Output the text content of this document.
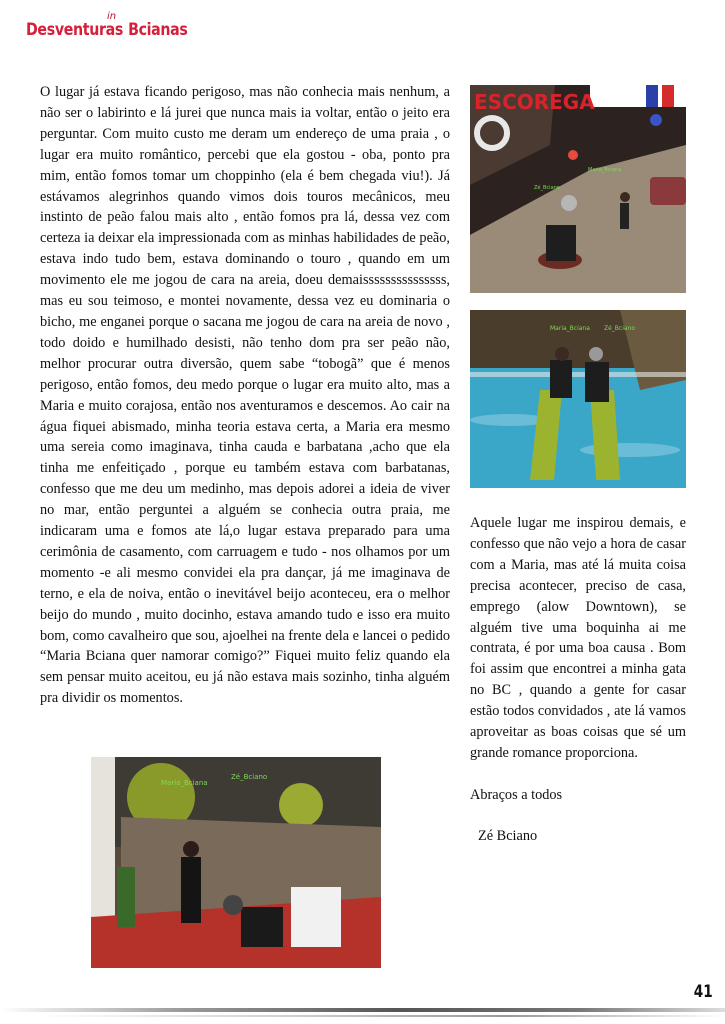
Desventuras Bcianas
in
O lugar já estava ficando perigoso, mas não conhecia mais nenhum, a não ser o labirinto e lá jurei que nunca mais ia voltar, então o jeito era perguntar. Com muito custo me deram um endereço de uma praia , o lugar era muito romântico, percebi que ela gostou - oba, ponto pra mim, então fomos tomar um choppinho (ela é bem chegada viu!). Já estávamos alegrinhos quando vimos dois touros mecânicos, meu instinto de peão falou mais alto , então fomos pra lá, dessa vez com certeza ia deixar ela impressionada com as minhas habilidades de peão, estava indo tudo bem, estava dominando o touro , quando em um movimento ele me jogou de cara na areia, doeu demaisssssssssssssss, mas eu sou teimoso, e montei novamente, dessa vez eu dominaria o bicho, me enganei porque o sacana me jogou de cara na areia de novo , todo doido e humilhado desisti, não tenho dom pra ser peão não, melhor procurar outra diversão, quem sabe “tobogã” que é menos perigoso, então fomos, deu medo porque o lugar era muito alto, mas a Maria e muito corajosa, então nos aventuramos e descemos. Ao cair na água fiquei abismado, minha teoria estava certa, a Maria era mesmo uma sereia como imaginava, tinha cauda e barbatana ,acho que ela tinha me enfeitiçado , porque eu também estava com barbatanas, confesso que me deu um medinho, mas depois adorei a ideia de viver no mar, então perguntei a alguém se conhecia outra praia, me indicaram uma e fomos ate lá,o lugar estava preparado para uma cerimônia de casamento, com carruagem e tudo - nos olhamos por um momento -e ali mesmo convidei ela pra dançar, já me imaginava de terno, e ela de noiva, então o inevitável beijo aconteceu, era o melhor beijo do mundo , muito docinho, estava amando tudo e isso era muito bom, como cavalheiro que sou, ajoelhei na frente dela e lancei o pedido “Maria Bciana quer namorar comigo?” Fiquei muito feliz quando ela sem pensar muito aceitou, eu já não estava mais sozinho, tinha alguém pra dividir os momentos.
ESCOREGA
Maria_Bciana
Zé_Bciano
Maria_Bciana Zé_Bciano

Aquele lugar me inspirou demais, e confesso que não vejo a hora de casar com a Maria, mas até lá muita coisa precisa acontecer, preciso de casa, emprego (alow Downtown), se alguém tive uma boquinha ai me contrata, é por uma boa causa . Bom foi assim que encontrei a minha gata no BC , quando a gente for casar estão todos convidados , ate lá vamos aproveitar as boas coisas que sé um grande romance proporciona.

Abraços a todos

Zé Bciano

Maria_Bciana
Zé_Bciano
41
